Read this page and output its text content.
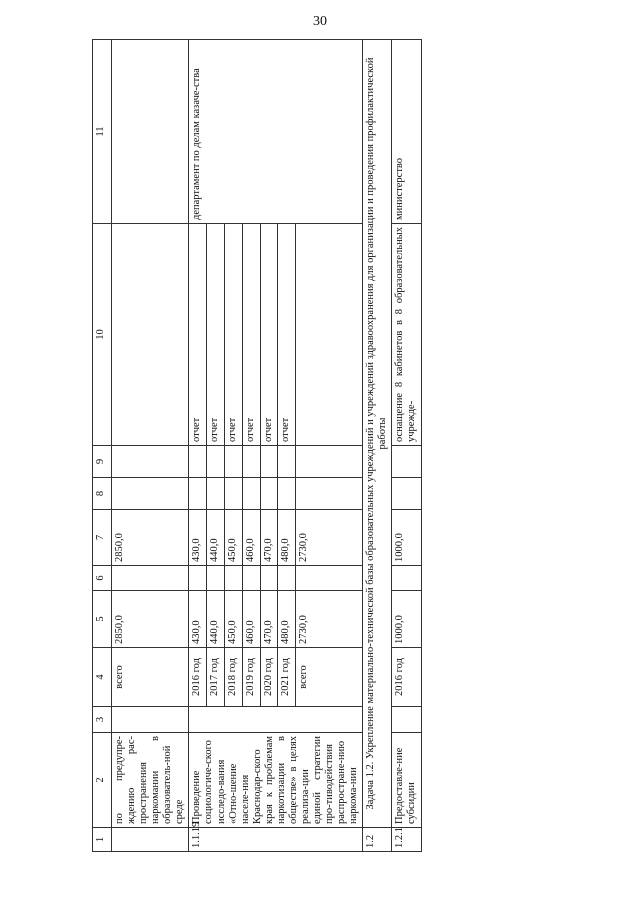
30
1	2	3	4	5	6	7	8	9	10	11
	по предупре-ждению рас-пространения наркомании в образователь-ной среде		всего	2850,0		2850,0				
1.1.19	Проведение социологиче-ского исследо-вания «Отно-шение населе-ния Краснодар-ского края к проблемам наркотизации в обществе» в целях реализа-ции единой стратегии про-тиводействия распростране-нию наркома-нии		2016 год	430,0		430,0			отчет	департамент по делам казаче-ства
			2017 год	440,0		440,0			отчет	
			2018 год	450,0		450,0			отчет	
			2019 год	460,0		460,0			отчет	
			2020 год	470,0		470,0			отчет	
			2021 год	480,0		480,0			отчет	
			всего	2730,0		2730,0				
1.2	Задача 1.2. Укрепление материально-технической базы образовательных учреждений и учреждений здравоохранения для организации и проведения профилактической работы									
1.2.1	Предоставле-ние субсидии		2016 год	1000,0		1000,0			оснащение 8 кабинетов в 8 образовательных учрежде-	министерство
